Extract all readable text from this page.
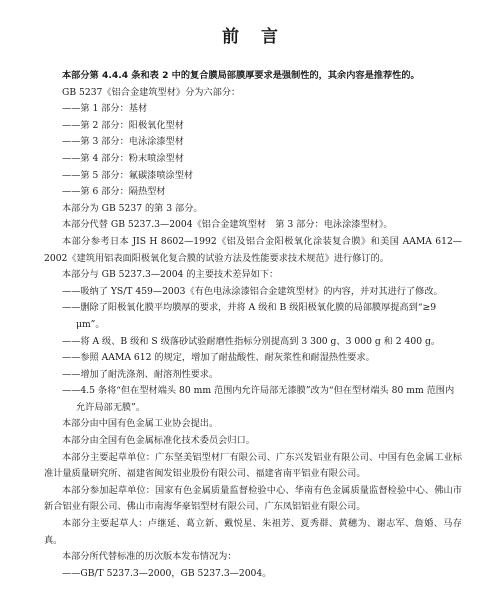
前言

本部分第 4.4.4 条和表 2 中的复合膜局部膜厚要求是强制性的，其余内容是推荐性的。

GB 5237《铝合金建筑型材》分为六部分：

——第 1 部分：基材

——第 2 部分：阳极氧化型材

——第 3 部分：电泳涂漆型材

——第 4 部分：粉末喷涂型材

——第 5 部分：氟碳漆喷涂型材

——第 6 部分：隔热型材

本部分为 GB 5237 的第 3 部分。

本部分代替 GB 5237.3—2004《铝合金建筑型材　第 3 部分：电泳涂漆型材》。

本部分参考日本 JIS H 8602—1992《铝及铝合金阳极氧化涂装复合膜》和美国 AAMA 612—2002《建筑用铝表面阳极氧化复合膜的试验方法及性能要求技术规范》进行修订的。

本部分与 GB 5237.3—2004 的主要技术差异如下：

——吸纳了 YS/T 459—2003《有色电泳涂漆铝合金建筑型材》的内容，并对其进行了修改。

——删除了阳极氧化膜平均膜厚的要求，并将 A 级和 B 级阳极氧化膜的局部膜厚提高到“≥9 μm”。

——将 A 级、B 级和 S 级落砂试验耐磨性指标分别提高到 3 300 g、3 000 g 和 2 400 g。

——参照 AAMA 612 的规定，增加了耐盐酸性、耐灰浆性和耐湿热性要求。

——增加了耐洗涤剂、耐溶剂性要求。

——4.5 条将“但在型材端头 80 mm 范围内允许局部无漆膜”改为“但在型材端头 80 mm 范围内允许局部无膜”。

本部分由中国有色金属工业协会提出。

本部分由全国有色金属标准化技术委员会归口。

本部分主要起草单位：广东坚美铝型材厂有限公司、广东兴发铝业有限公司、中国有色金属工业标准计量质量研究所、福建省闽发铝业股份有限公司、福建省南平铝业有限公司。

本部分参加起草单位：国家有色金属质量监督检验中心、华南有色金属质量监督检验中心、佛山市新合铝业有限公司、佛山市南海华豪铝型材有限公司、广东凤铝铝业有限公司。

本部分主要起草人：卢继延、葛立新、戴悦星、朱祖芳、夏秀群、黄穗为、谢志军、詹婚、马存真。

本部分所代替标准的历次版本发布情况为：

——GB/T 5237.3—2000，GB 5237.3—2004。
